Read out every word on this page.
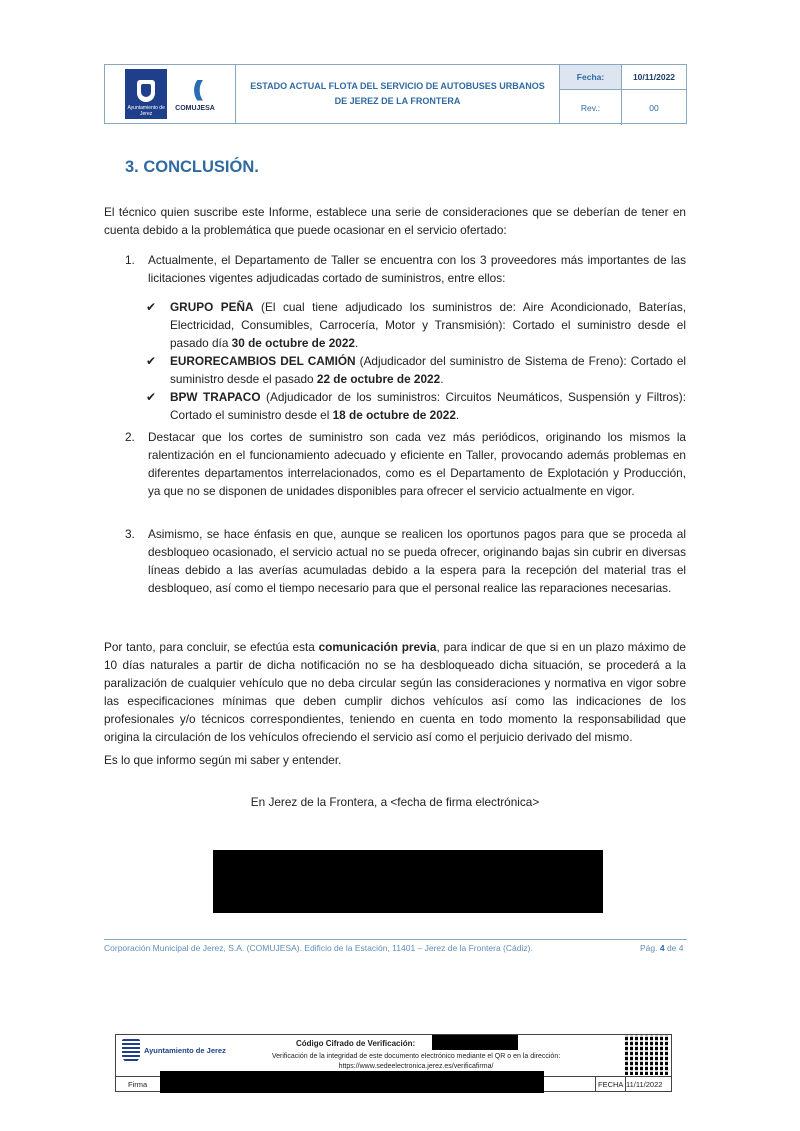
Ayuntamiento de Jerez
(((
COMUJESA
ESTADO ACTUAL FLOTA DEL SERVICIO DE AUTOBUSES URBANOS
DE JEREZ DE LA FRONTERA
Fecha:	10/11/2022
Rev.:	00
3. CONCLUSIÓN.
El técnico quien suscribe este Informe, establece una serie de consideraciones que se deberían de tener en cuenta debido a la problemática que puede ocasionar en el servicio ofertado:
1.	Actualmente, el Departamento de Taller se encuentra con los 3 proveedores más importantes de las licitaciones vigentes adjudicadas cortado de suministros, entre ellos:
✔	GRUPO PEÑA (El cual tiene adjudicado los suministros de: Aire Acondicionado, Baterías, Electricidad, Consumibles, Carrocería, Motor y Transmisión): Cortado el suministro desde el pasado día 30 de octubre de 2022.
✔	EURORECAMBIOS DEL CAMIÓN (Adjudicador del suministro de Sistema de Freno): Cortado el suministro desde el pasado 22 de octubre de 2022.
✔	BPW TRAPACO (Adjudicador de los suministros: Circuitos Neumáticos, Suspensión y Filtros): Cortado el suministro desde el 18 de octubre de 2022.
2.	Destacar que los cortes de suministro son cada vez más periódicos, originando los mismos la ralentización en el funcionamiento adecuado y eficiente en Taller, provocando además problemas en diferentes departamentos interrelacionados, como es el Departamento de Explotación y Producción, ya que no se disponen de unidades disponibles para ofrecer el servicio actualmente en vigor.
3.	Asimismo, se hace énfasis en que, aunque se realicen los oportunos pagos para que se proceda al desbloqueo ocasionado, el servicio actual no se pueda ofrecer, originando bajas sin cubrir en diversas líneas debido a las averías acumuladas debido a la espera para la recepción del material tras el desbloqueo, así como el tiempo necesario para que el personal realice las reparaciones necesarias.
Por tanto, para concluir, se efectúa esta comunicación previa, para indicar de que si en un plazo máximo de 10 días naturales a partir de dicha notificación no se ha desbloqueado dicha situación, se procederá a la paralización de cualquier vehículo que no deba circular según las consideraciones y normativa en vigor sobre las especificaciones mínimas que deben cumplir dichos vehículos así como las indicaciones de los profesionales y/o técnicos correspondientes, teniendo en cuenta en todo momento la responsabilidad que origina la circulación de los vehículos ofreciendo el servicio así como el perjuicio derivado del mismo.
Es lo que informo según mi saber y entender.
En Jerez de la Frontera, a <fecha de firma electrónica>
Corporación Municipal de Jerez, S.A. (COMUJESA). Edificio de la Estación, 11401 – Jerez de la Frontera (Cádiz).	Pág. 4 de 4
Ayuntamiento de Jerez
Código Cifrado de Verificación:
Verificación de la integridad de este documento electrónico mediante el QR o en la dirección:
https://www.sedeelectronica.jerez.es/verificafirma/
Firma	FECHA 11/11/2022
